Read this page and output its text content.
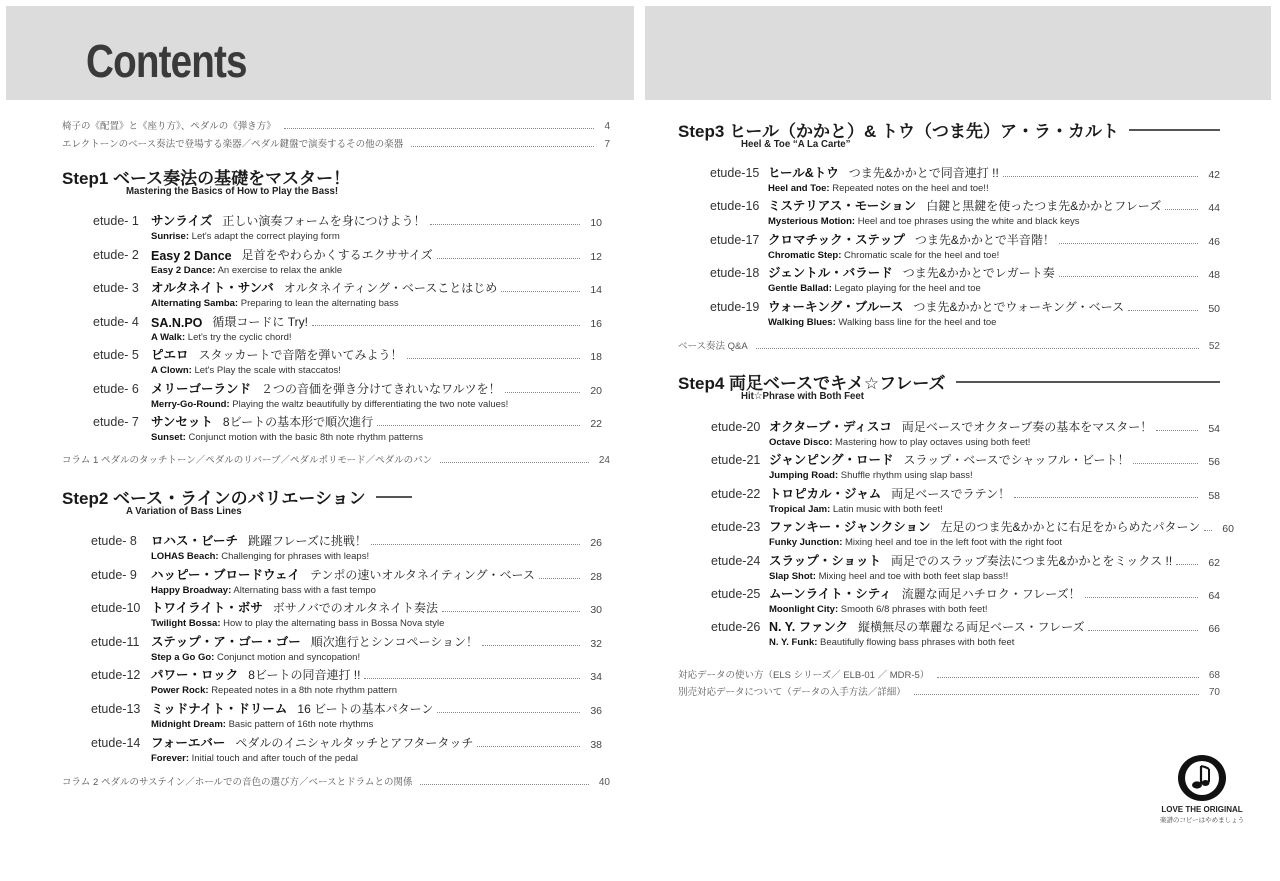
Contents
椅子の《配置》と《座り方》、ペダルの《弾き方》	4
エレクトーンのベース奏法で登場する楽器／ペダル鍵盤で演奏するその他の楽器	7
Step1 ベース奏法の基礎をマスター！
Mastering the Basics of How to Play the Bass!
etude- 1 サンライズ 正しい演奏フォームを身につけよう！	10
Sunrise: Let's adapt the correct playing form
etude- 2 Easy 2 Dance 足首をやわらかくするエクササイズ	12
Easy 2 Dance: An exercise to relax the ankle
etude- 3 オルタネイト・サンバ オルタネイティング・ベースことはじめ	14
Alternating Samba: Preparing to lean the alternating bass
etude- 4 SA.N.PO 循環コードに Try!	16
A Walk: Let's try the cyclic chord!
etude- 5 ピエロ スタッカートで音階を弾いてみよう！	18
A Clown: Let's Play the scale with staccatos!
etude- 6 メリーゴーランド ２つの音価を弾き分けてきれいなワルツを！	20
Merry-Go-Round: Playing the waltz beautifully by differentiating the two note values!
etude- 7 サンセット 8ビートの基本形で順次進行	22
Sunset: Conjunct motion with the basic 8th note rhythm patterns
コラム 1 ペダルのタッチトーン／ペダルのリバーブ／ペダルポリモード／ペダルのパン	24
Step2 ベース・ラインのバリエーション
A Variation of Bass Lines
etude- 8 ロハス・ビーチ 跳躍フレーズに挑戦！	26
LOHAS Beach: Challenging for phrases with leaps!
etude- 9 ハッピー・ブロードウェイ テンポの速いオルタネイティング・ベース	28
Happy Broadway: Alternating bass with a fast tempo
etude-10 トワイライト・ボサ ボサノバでのオルタネイト奏法	30
Twilight Bossa: How to play the alternating bass in Bossa Nova style
etude-11 ステップ・ア・ゴー・ゴー 順次進行とシンコペーション！	32
Step a Go Go: Conjunct motion and syncopation!
etude-12 パワー・ロック 8ビートの同音連打 !!	34
Power Rock: Repeated notes in a 8th note rhythm pattern
etude-13 ミッドナイト・ドリーム 16 ビートの基本パターン	36
Midnight Dream: Basic pattern of 16th note rhythms
etude-14 フォーエバー ペダルのイニシャルタッチとアフタータッチ	38
Forever: Initial touch and after touch of the pedal
コラム 2 ペダルのサステイン／ホールでの音色の選び方／ベースとドラムとの関係	40
Step3 ヒール（かかと）& トウ（つま先）ア・ラ・カルト
Heel & Toe “A La Carte”
etude-15 ヒール&トウ つま先&かかとで同音連打 !!	42
Heel and Toe: Repeated notes on the heel and toe!!
etude-16 ミステリアス・モーション 白鍵と黒鍵を使ったつま先&かかとフレーズ	44
Mysterious Motion: Heel and toe phrases using the white and black keys
etude-17 クロマチック・ステップ つま先&かかとで半音階！	46
Chromatic Step: Chromatic scale for the heel and toe!
etude-18 ジェントル・バラード つま先&かかとでレガート奏	48
Gentle Ballad: Legato playing for the heel and toe
etude-19 ウォーキング・ブルース つま先&かかとでウォーキング・ベース	50
Walking Blues: Walking bass line for the heel and toe
ベース奏法 Q&A	52
Step4 両足ベースでキメ☆フレーズ
Hit☆Phrase with Both Feet
etude-20 オクターブ・ディスコ 両足ベースでオクターブ奏の基本をマスター！	54
Octave Disco: Mastering how to play octaves using both feet!
etude-21 ジャンピング・ロード スラップ・ベースでシャッフル・ビート！	56
Jumping Road: Shuffle rhythm using slap bass!
etude-22 トロピカル・ジャム 両足ベースでラテン！	58
Tropical Jam: Latin music with both feet!
etude-23 ファンキー・ジャンクション 左足のつま先&かかとに右足をからめたパターン 60
Funky Junction: Mixing heel and toe in the left foot with the right foot
etude-24 スラップ・ショット 両足でのスラップ奏法につま先&かかとをミックス !!	62
Slap Shot: Mixing heel and toe with both feet slap bass!!
etude-25 ムーンライト・シティ 流麗な両足ハチロク・フレーズ！	64
Moonlight City: Smooth 6/8 phrases with both feet!
etude-26 N. Y. ファンク 縦横無尽の華麗なる両足ベース・フレーズ	66
N. Y. Funk: Beautifully flowing bass phrases with both feet
対応データの使い方（ELS シリーズ／ ELB-01 ／ MDR-5）	68
別売対応データについて（データの入手方法／詳細）	70
LOVE THE ORIGINAL
楽譜のコピーはやめましょう
